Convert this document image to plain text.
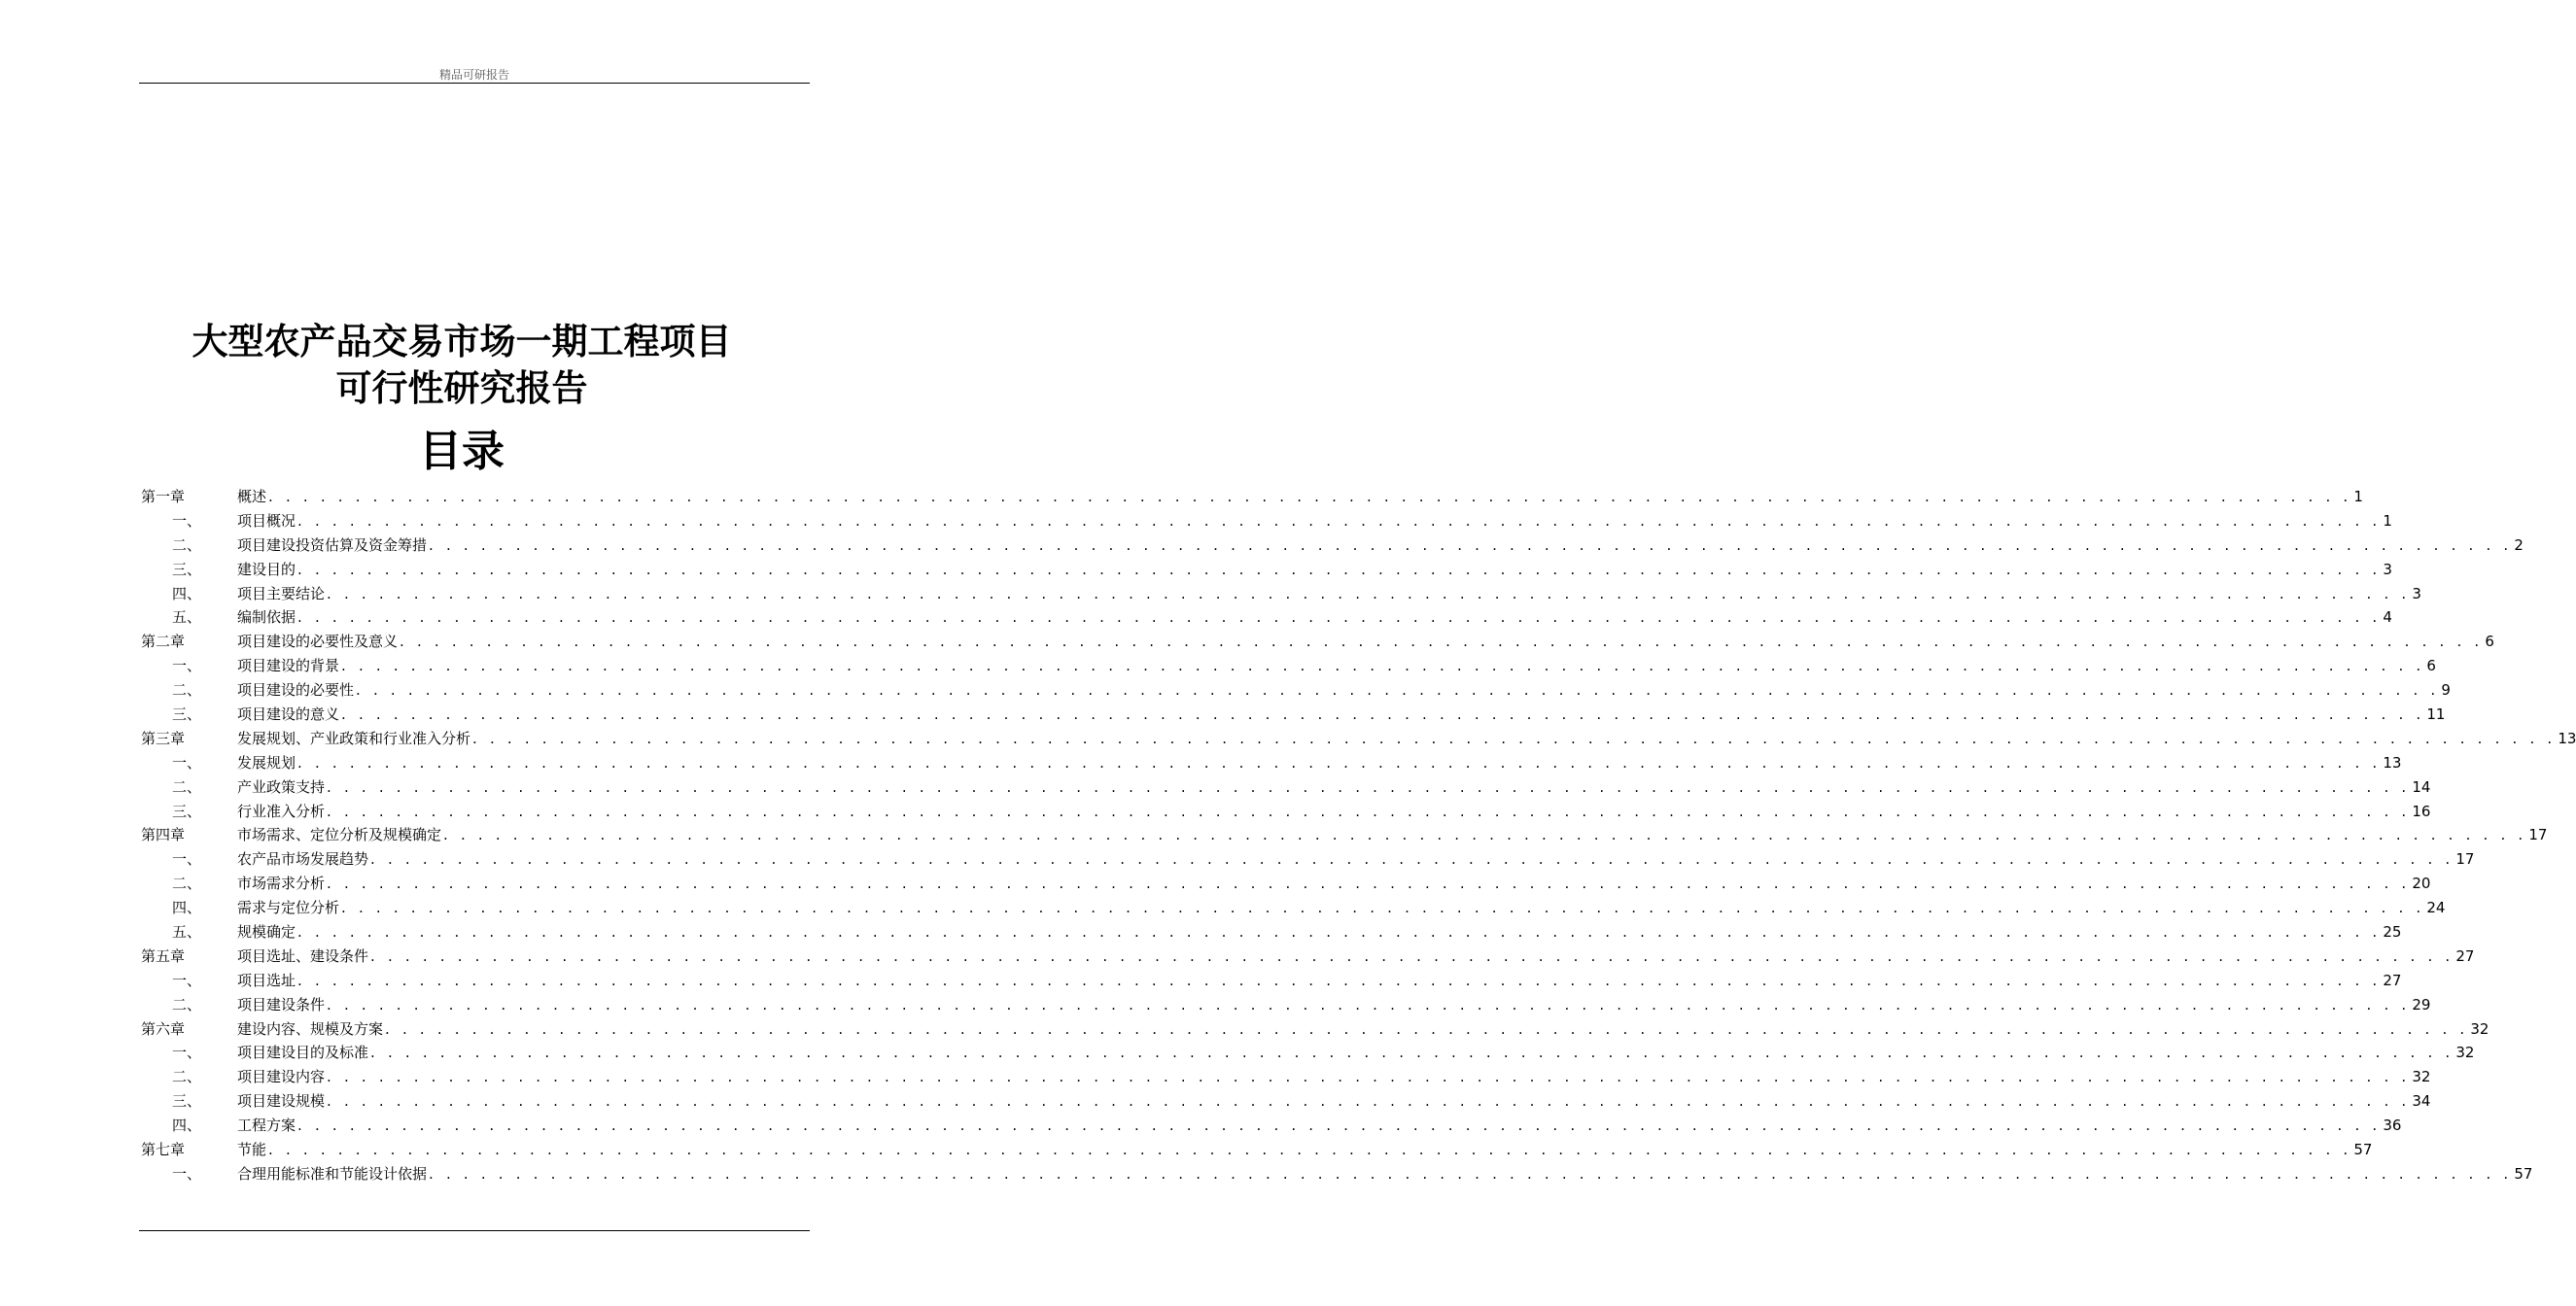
精品可研报告
大型农产品交易市场一期工程项目
可行性研究报告
目录
第一章	概述 . . . . . . . . . . . . . . . . . . . . . . . . . . . . . . . . . . . . . . . . . . . . . . . . . . . . . . . . . . . . . . . . . . . . . . . . . . . . . . . . . . . . . . . . . . . . . . . . . . . . . . . . . . . . . . . . . . . . . . . . 1
一、	项目概况 . . . . . . . . . . . . . . . . . . . . . . . . . . . . . . . . . . . . . . . . . . . . . . . . . . . . . . . . . . . . . . . . . . . . . . . . . . . . . . . . . . . . . . . . . . . . . . . . . . . . . . . . . . . . . . . . . . . . . . . . 1
二、	项目建设投资估算及资金筹措 . . . . . . . . . . . . . . . . . . . . . . . . . . . . . . . . . . . . . . . . . . . . . . . . . . . . . . . . . . . . . . . . . . . . . . . . . . . . . . . . . . . . . . . . . . . . . . . . . . . . . . . . . . . . . . . . . . . . . . . . 2
三、	建设目的 . . . . . . . . . . . . . . . . . . . . . . . . . . . . . . . . . . . . . . . . . . . . . . . . . . . . . . . . . . . . . . . . . . . . . . . . . . . . . . . . . . . . . . . . . . . . . . . . . . . . . . . . . . . . . . . . . . . . . . . . 3
四、	项目主要结论 . . . . . . . . . . . . . . . . . . . . . . . . . . . . . . . . . . . . . . . . . . . . . . . . . . . . . . . . . . . . . . . . . . . . . . . . . . . . . . . . . . . . . . . . . . . . . . . . . . . . . . . . . . . . . . . . . . . . . . . . 3
五、	编制依据 . . . . . . . . . . . . . . . . . . . . . . . . . . . . . . . . . . . . . . . . . . . . . . . . . . . . . . . . . . . . . . . . . . . . . . . . . . . . . . . . . . . . . . . . . . . . . . . . . . . . . . . . . . . . . . . . . . . . . . . . 4
第二章	项目建设的必要性及意义 . . . . . . . . . . . . . . . . . . . . . . . . . . . . . . . . . . . . . . . . . . . . . . . . . . . . . . . . . . . . . . . . . . . . . . . . . . . . . . . . . . . . . . . . . . . . . . . . . . . . . . . . . . . . . . . . . . . . . . . . 6
一、	项目建设的背景 . . . . . . . . . . . . . . . . . . . . . . . . . . . . . . . . . . . . . . . . . . . . . . . . . . . . . . . . . . . . . . . . . . . . . . . . . . . . . . . . . . . . . . . . . . . . . . . . . . . . . . . . . . . . . . . . . . . . . . . . 6
二、	项目建设的必要性 . . . . . . . . . . . . . . . . . . . . . . . . . . . . . . . . . . . . . . . . . . . . . . . . . . . . . . . . . . . . . . . . . . . . . . . . . . . . . . . . . . . . . . . . . . . . . . . . . . . . . . . . . . . . . . . . . . . . . . . . 9
三、	项目建设的意义 . . . . . . . . . . . . . . . . . . . . . . . . . . . . . . . . . . . . . . . . . . . . . . . . . . . . . . . . . . . . . . . . . . . . . . . . . . . . . . . . . . . . . . . . . . . . . . . . . . . . . . . . . . . . . . . . . . . . . . . . 11
第三章	发展规划、产业政策和行业准入分析 . . . . . . . . . . . . . . . . . . . . . . . . . . . . . . . . . . . . . . . . . . . . . . . . . . . . . . . . . . . . . . . . . . . . . . . . . . . . . . . . . . . . . . . . . . . . . . . . . . . . . . . . . . . . . . . . . . . . . . . . 13
一、	发展规划 . . . . . . . . . . . . . . . . . . . . . . . . . . . . . . . . . . . . . . . . . . . . . . . . . . . . . . . . . . . . . . . . . . . . . . . . . . . . . . . . . . . . . . . . . . . . . . . . . . . . . . . . . . . . . . . . . . . . . . . . 13
二、	产业政策支持 . . . . . . . . . . . . . . . . . . . . . . . . . . . . . . . . . . . . . . . . . . . . . . . . . . . . . . . . . . . . . . . . . . . . . . . . . . . . . . . . . . . . . . . . . . . . . . . . . . . . . . . . . . . . . . . . . . . . . . . . 14
三、	行业准入分析 . . . . . . . . . . . . . . . . . . . . . . . . . . . . . . . . . . . . . . . . . . . . . . . . . . . . . . . . . . . . . . . . . . . . . . . . . . . . . . . . . . . . . . . . . . . . . . . . . . . . . . . . . . . . . . . . . . . . . . . . 16
第四章	市场需求、定位分析及规模确定 . . . . . . . . . . . . . . . . . . . . . . . . . . . . . . . . . . . . . . . . . . . . . . . . . . . . . . . . . . . . . . . . . . . . . . . . . . . . . . . . . . . . . . . . . . . . . . . . . . . . . . . . . . . . . . . . . . . . . . . . 17
一、	农产品市场发展趋势 . . . . . . . . . . . . . . . . . . . . . . . . . . . . . . . . . . . . . . . . . . . . . . . . . . . . . . . . . . . . . . . . . . . . . . . . . . . . . . . . . . . . . . . . . . . . . . . . . . . . . . . . . . . . . . . . . . . . . . . . 17
二、	市场需求分析 . . . . . . . . . . . . . . . . . . . . . . . . . . . . . . . . . . . . . . . . . . . . . . . . . . . . . . . . . . . . . . . . . . . . . . . . . . . . . . . . . . . . . . . . . . . . . . . . . . . . . . . . . . . . . . . . . . . . . . . . 20
四、	需求与定位分析 . . . . . . . . . . . . . . . . . . . . . . . . . . . . . . . . . . . . . . . . . . . . . . . . . . . . . . . . . . . . . . . . . . . . . . . . . . . . . . . . . . . . . . . . . . . . . . . . . . . . . . . . . . . . . . . . . . . . . . . . 24
五、	规模确定 . . . . . . . . . . . . . . . . . . . . . . . . . . . . . . . . . . . . . . . . . . . . . . . . . . . . . . . . . . . . . . . . . . . . . . . . . . . . . . . . . . . . . . . . . . . . . . . . . . . . . . . . . . . . . . . . . . . . . . . . 25
第五章	项目选址、建设条件 . . . . . . . . . . . . . . . . . . . . . . . . . . . . . . . . . . . . . . . . . . . . . . . . . . . . . . . . . . . . . . . . . . . . . . . . . . . . . . . . . . . . . . . . . . . . . . . . . . . . . . . . . . . . . . . . . . . . . . . . 27
一、	项目选址 . . . . . . . . . . . . . . . . . . . . . . . . . . . . . . . . . . . . . . . . . . . . . . . . . . . . . . . . . . . . . . . . . . . . . . . . . . . . . . . . . . . . . . . . . . . . . . . . . . . . . . . . . . . . . . . . . . . . . . . . 27
二、	项目建设条件 . . . . . . . . . . . . . . . . . . . . . . . . . . . . . . . . . . . . . . . . . . . . . . . . . . . . . . . . . . . . . . . . . . . . . . . . . . . . . . . . . . . . . . . . . . . . . . . . . . . . . . . . . . . . . . . . . . . . . . . . 29
第六章	建设内容、规模及方案 . . . . . . . . . . . . . . . . . . . . . . . . . . . . . . . . . . . . . . . . . . . . . . . . . . . . . . . . . . . . . . . . . . . . . . . . . . . . . . . . . . . . . . . . . . . . . . . . . . . . . . . . . . . . . . . . . . . . . . . . 32
一、	项目建设目的及标准 . . . . . . . . . . . . . . . . . . . . . . . . . . . . . . . . . . . . . . . . . . . . . . . . . . . . . . . . . . . . . . . . . . . . . . . . . . . . . . . . . . . . . . . . . . . . . . . . . . . . . . . . . . . . . . . . . . . . . . . . 32
二、	项目建设内容 . . . . . . . . . . . . . . . . . . . . . . . . . . . . . . . . . . . . . . . . . . . . . . . . . . . . . . . . . . . . . . . . . . . . . . . . . . . . . . . . . . . . . . . . . . . . . . . . . . . . . . . . . . . . . . . . . . . . . . . . 32
三、	项目建设规模 . . . . . . . . . . . . . . . . . . . . . . . . . . . . . . . . . . . . . . . . . . . . . . . . . . . . . . . . . . . . . . . . . . . . . . . . . . . . . . . . . . . . . . . . . . . . . . . . . . . . . . . . . . . . . . . . . . . . . . . . 34
四、	工程方案 . . . . . . . . . . . . . . . . . . . . . . . . . . . . . . . . . . . . . . . . . . . . . . . . . . . . . . . . . . . . . . . . . . . . . . . . . . . . . . . . . . . . . . . . . . . . . . . . . . . . . . . . . . . . . . . . . . . . . . . . 36
第七章	节能 . . . . . . . . . . . . . . . . . . . . . . . . . . . . . . . . . . . . . . . . . . . . . . . . . . . . . . . . . . . . . . . . . . . . . . . . . . . . . . . . . . . . . . . . . . . . . . . . . . . . . . . . . . . . . . . . . . . . . . . . 57
一、	合理用能标准和节能设计依据 . . . . . . . . . . . . . . . . . . . . . . . . . . . . . . . . . . . . . . . . . . . . . . . . . . . . . . . . . . . . . . . . . . . . . . . . . . . . . . . . . . . . . . . . . . . . . . . . . . . . . . . . . . . . . . . . . . . . . . . . 57
